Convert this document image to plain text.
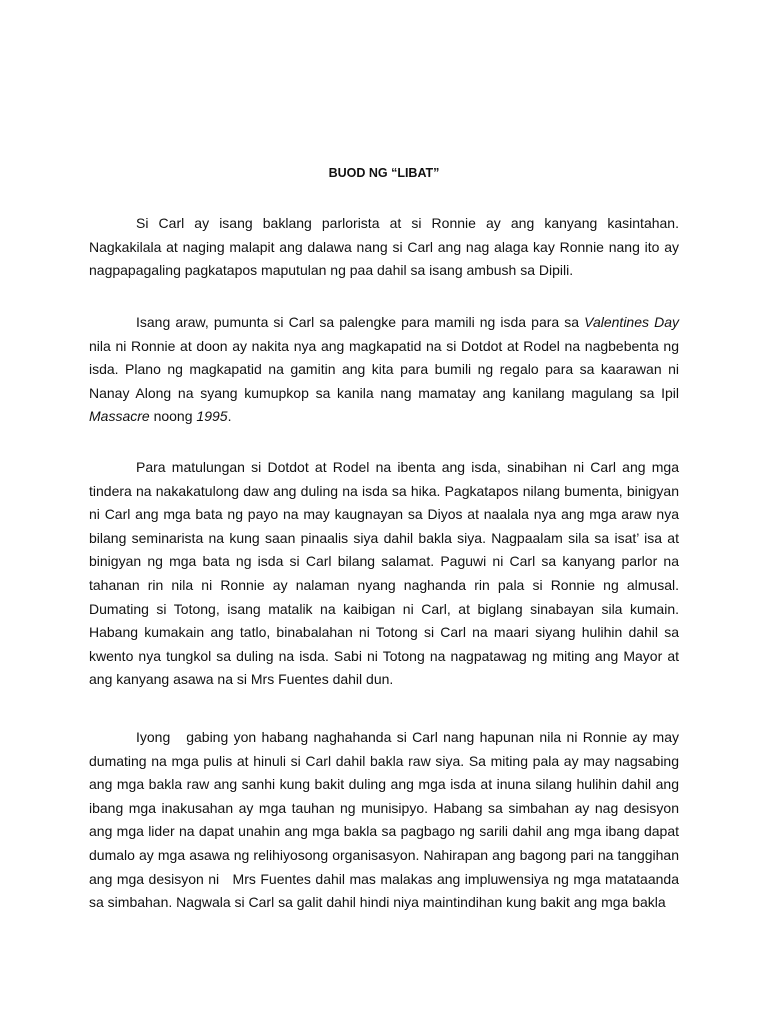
BUOD NG “LIBAT”

Si Carl ay isang baklang parlorista at si Ronnie ay ang kanyang kasintahan. Nagkakilala at naging malapit ang dalawa nang si Carl ang nag alaga kay Ronnie nang ito ay nagpapagaling pagkatapos maputulan ng paa dahil sa isang ambush sa Dipili.

Isang araw, pumunta si Carl sa palengke para mamili ng isda para sa Valentines Day nila ni Ronnie at doon ay nakita nya ang magkapatid na si Dotdot at Rodel na nagbebenta ng isda. Plano ng magkapatid na gamitin ang kita para bumili ng regalo para sa kaarawan ni Nanay Along na syang kumupkop sa kanila nang mamatay ang kanilang magulang sa Ipil Massacre noong 1995.

Para matulungan si Dotdot at Rodel na ibenta ang isda, sinabihan ni Carl ang mga tindera na nakakatulong daw ang duling na isda sa hika. Pagkatapos nilang bumenta, binigyan ni Carl ang mga bata ng payo na may kaugnayan sa Diyos at naalala nya ang mga araw nya bilang seminarista na kung saan pinaalis siya dahil bakla siya. Nagpaalam sila sa isat’ isa at binigyan ng mga bata ng isda si Carl bilang salamat. Paguwi ni Carl sa kanyang parlor na tahanan rin nila ni Ronnie ay nalaman nyang naghanda rin pala si Ronnie ng almusal. Dumating si Totong, isang matalik na kaibigan ni Carl, at biglang sinabayan sila kumain. Habang kumakain ang tatlo, binabalahan ni Totong si Carl na maari siyang hulihin dahil sa kwento nya tungkol sa duling na isda. Sabi ni Totong na nagpatawag ng miting ang Mayor at ang kanyang asawa na si Mrs Fuentes dahil dun.

Iyong   gabing yon habang naghahanda si Carl nang hapunan nila ni Ronnie ay may dumating na mga pulis at hinuli si Carl dahil bakla raw siya. Sa miting pala ay may nagsabing ang mga bakla raw ang sanhi kung bakit duling ang mga isda at inuna silang hulihin dahil ang ibang mga inakusahan ay mga tauhan ng munisipyo. Habang sa simbahan ay nag desisyon ang mga lider na dapat unahin ang mga bakla sa pagbago ng sarili dahil ang mga ibang dapat dumalo ay mga asawa ng relihiyosong organisasyon. Nahirapan ang bagong pari na tanggihan ang mga desisyon ni   Mrs Fuentes dahil mas malakas ang impluwensiya ng mga matataanda sa simbahan. Nagwala si Carl sa galit dahil hindi niya maintindihan kung bakit ang mga bakla
